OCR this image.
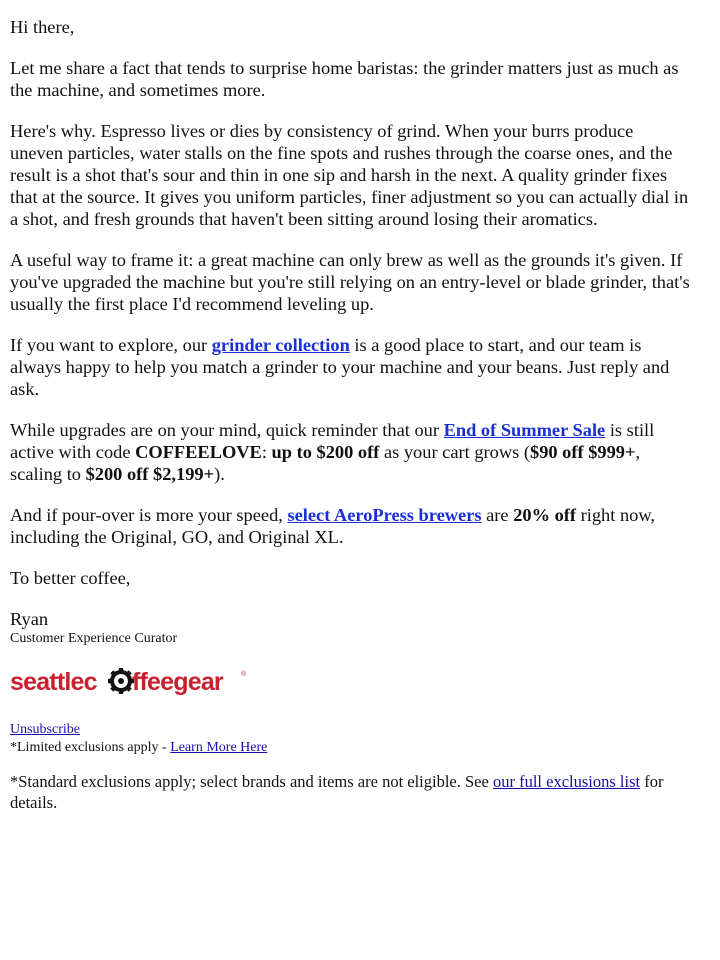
Hi there,

Let me share a fact that tends to surprise home baristas: the grinder matters just as much as the machine, and sometimes more.

Here's why. Espresso lives or dies by consistency of grind. When your burrs produce uneven particles, water stalls on the fine spots and rushes through the coarse ones, and the result is a shot that's sour and thin in one sip and harsh in the next. A quality grinder fixes that at the source. It gives you uniform particles, finer adjustment so you can actually dial in a shot, and fresh grounds that haven't been sitting around losing their aromatics.

A useful way to frame it: a great machine can only brew as well as the grounds it's given. If you've upgraded the machine but you're still relying on an entry-level or blade grinder, that's usually the first place I'd recommend leveling up.

If you want to explore, our grinder collection is a good place to start, and our team is always happy to help you match a grinder to your machine and your beans. Just reply and ask.

While upgrades are on your mind, quick reminder that our End of Summer Sale is still active with code COFFEELOVE: up to $200 off as your cart grows ($90 off $999+, scaling to $200 off $2,199+).

And if pour-over is more your speed, select AeroPress brewers are 20% off right now, including the Original, GO, and Original XL.

To better coffee,

Ryan

Customer Experience Curator

seattlec ffeegear	®

Unsubscribe

*Limited exclusions apply - Learn More Here

*Standard exclusions apply; select brands and items are not eligible. See our full exclusions list for details.
